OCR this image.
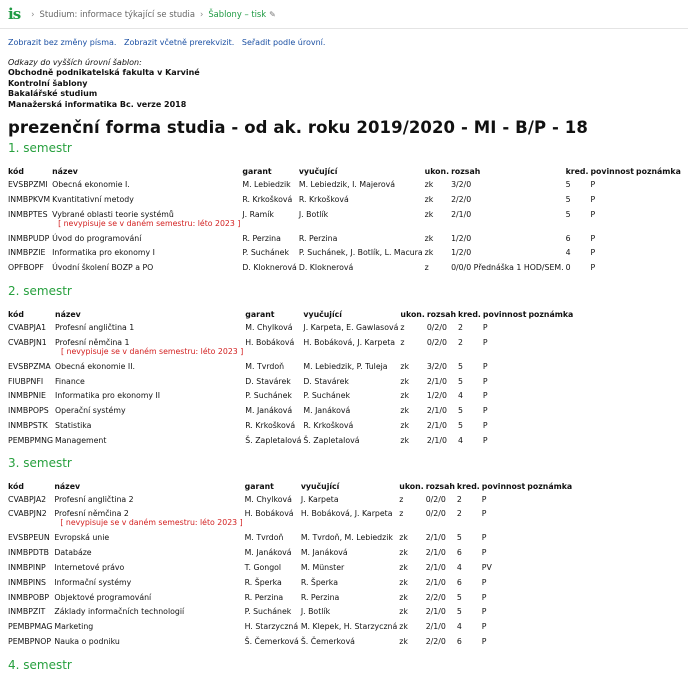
is › Studium: informace týkající se studia › Šablony – tisk ✎
Zobrazit bez změny písma. Zobrazit včetně prerekvizit. Seřadit podle úrovní.
Odkazy do vyšších úrovní šablon:
Obchodně podnikatelská fakulta v Karviné
Kontrolní šablony
Bakalářské studium
Manažerská informatika Bc. verze 2018
prezenční forma studia - od ak. roku 2019/2020 - MI - B/P - 18
1. semestr
kód	název	garant	vyučující	ukon.	rozsah	kred.	povinnost	poznámka
EVSBPZMI	Obecná ekonomie I.	M. Lebiedzik	M. Lebiedzik, I. Majerová	zk	3/2/0	5	P	
INMBPKVM	Kvantitativní metody	R. Krkošková	R. Krkošková	zk	2/2/0	5	P	
INMBPTES	Vybrané oblasti teorie systémů
[ nevypisuje se v daném semestru: léto 2023 ]	J. Ramík	J. Botlík	zk	2/1/0	5	P	
INMBPUDP	Úvod do programování	R. Perzina	R. Perzina	zk	1/2/0	6	P	
INMBPZIE	Informatika pro ekonomy I	P. Suchánek	P. Suchánek, J. Botlík, L. Macura	zk	1/2/0	4	P	
OPFBOPF	Úvodní školení BOZP a PO	D. Kloknerová	D. Kloknerová	z	0/0/0 Přednáška 1 HOD/SEM.	0	P	
2. semestr
kód	název	garant	vyučující	ukon.	rozsah	kred.	povinnost	poznámka
CVABPJA1	Profesní angličtina 1	M. Chylková	J. Karpeta, E. Gawlasová	z	0/2/0	2	P	
CVABPJN1	Profesní němčina 1
[ nevypisuje se v daném semestru: léto 2023 ]	H. Bobáková	H. Bobáková, J. Karpeta	z	0/2/0	2	P	
EVSBPZMA	Obecná ekonomie II.	M. Tvrdoň	M. Lebiedzik, P. Tuleja	zk	3/2/0	5	P	
FIUBPNFI	Finance	D. Stavárek	D. Stavárek	zk	2/1/0	5	P	
INMBPNIE	Informatika pro ekonomy II	P. Suchánek	P. Suchánek	zk	1/2/0	4	P	
INMBPOPS	Operační systémy	M. Janáková	M. Janáková	zk	2/1/0	5	P	
INMBPSTK	Statistika	R. Krkošková	R. Krkošková	zk	2/1/0	5	P	
PEMBPMNG	Management	Š. Zapletalová	Š. Zapletalová	zk	2/1/0	4	P	
3. semestr
kód	název	garant	vyučující	ukon.	rozsah	kred.	povinnost	poznámka
CVABPJA2	Profesní angličtina 2	M. Chylková	J. Karpeta	z	0/2/0	2	P	
CVABPJN2	Profesní němčina 2
[ nevypisuje se v daném semestru: léto 2023 ]	H. Bobáková	H. Bobáková, J. Karpeta	z	0/2/0	2	P	
EVSBPEUN	Evropská unie	M. Tvrdoň	M. Tvrdoň, M. Lebiedzik	zk	2/1/0	5	P	
INMBPDTB	Databáze	M. Janáková	M. Janáková	zk	2/1/0	6	P	
INMBPINP	Internetové právo	T. Gongol	M. Münster	zk	2/1/0	4	PV	
INMBPINS	Informační systémy	R. Šperka	R. Šperka	zk	2/1/0	6	P	
INMBPOBP	Objektové programování	R. Perzina	R. Perzina	zk	2/2/0	5	P	
INMBPZIT	Základy informačních technologií	P. Suchánek	J. Botlík	zk	2/1/0	5	P	
PEMBPMAG	Marketing	H. Starzyczná	M. Klepek, H. Starzyczná	zk	2/1/0	4	P	
PEMBPNOP	Nauka o podniku	Š. Čemerková	Š. Čemerková	zk	2/2/0	6	P	
4. semestr
